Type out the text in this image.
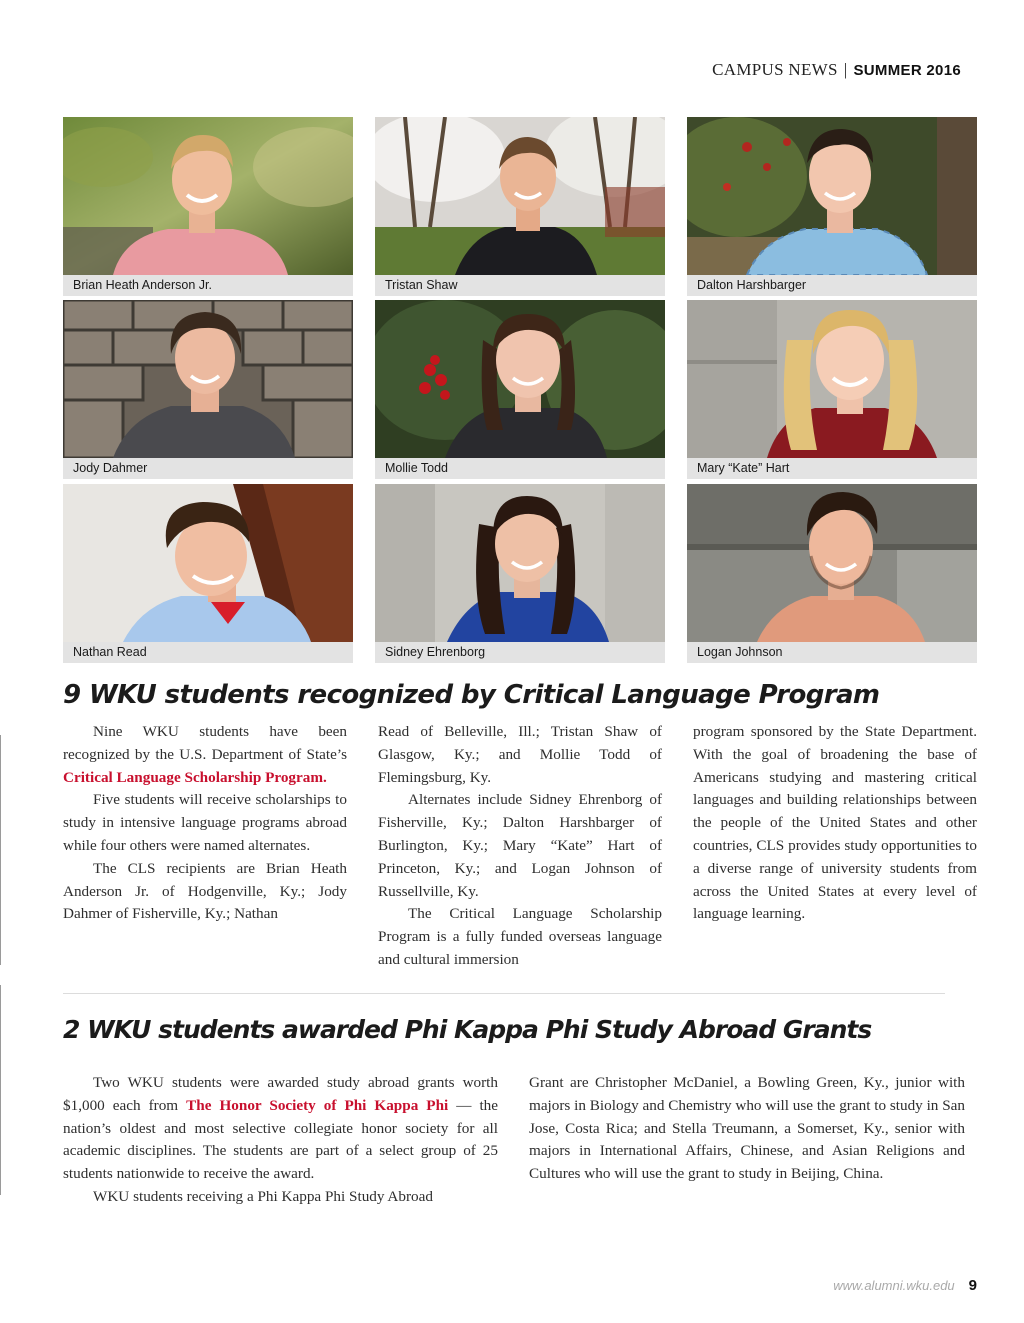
CAMPUS NEWS | SUMMER 2016
Brian Heath Anderson Jr.	Tristan Shaw	Dalton Harshbarger
Jody Dahmer	Mollie Todd	Mary “Kate” Hart
Nathan Read	Sidney Ehrenborg	Logan Johnson
9 WKU students recognized by Critical Language Program

Nine WKU students have been recognized by the U.S. Department of State’s Critical Language Scholarship Program.

Five students will receive scholarships to study in intensive language programs abroad while four others were named alternates.

The CLS recipients are Brian Heath Anderson Jr. of Hodgenville, Ky.; Jody Dahmer of Fisherville, Ky.; Nathan

Read of Belleville, Ill.; Tristan Shaw of Glasgow, Ky.; and Mollie Todd of Flemingsburg, Ky.

Alternates include Sidney Ehrenborg of Fisherville, Ky.; Dalton Harshbarger of Burlington, Ky.; Mary “Kate” Hart of Princeton, Ky.; and Logan Johnson of Russellville, Ky.

The Critical Language Scholarship Program is a fully funded overseas language and cultural immersion

program sponsored by the State Department. With the goal of broadening the base of Americans studying and mastering critical languages and building relationships between the people of the United States and other countries, CLS provides study opportunities to a diverse range of university students from across the United States at every level of language learning.

2 WKU students awarded Phi Kappa Phi Study Abroad Grants

Two WKU students were awarded study abroad grants worth $1,000 each from The Honor Society of Phi Kappa Phi — the nation’s oldest and most selective collegiate honor society for all academic disciplines. The students are part of a select group of 25 students nationwide to receive the award.

WKU students receiving a Phi Kappa Phi Study Abroad

Grant are Christopher McDaniel, a Bowling Green, Ky., junior with majors in Biology and Chemistry who will use the grant to study in San Jose, Costa Rica; and Stella Treumann, a Somerset, Ky., senior with majors in International Affairs, Chinese, and Asian Religions and Cultures who will use the grant to study in Beijing, China.

www.alumni.wku.edu 9
